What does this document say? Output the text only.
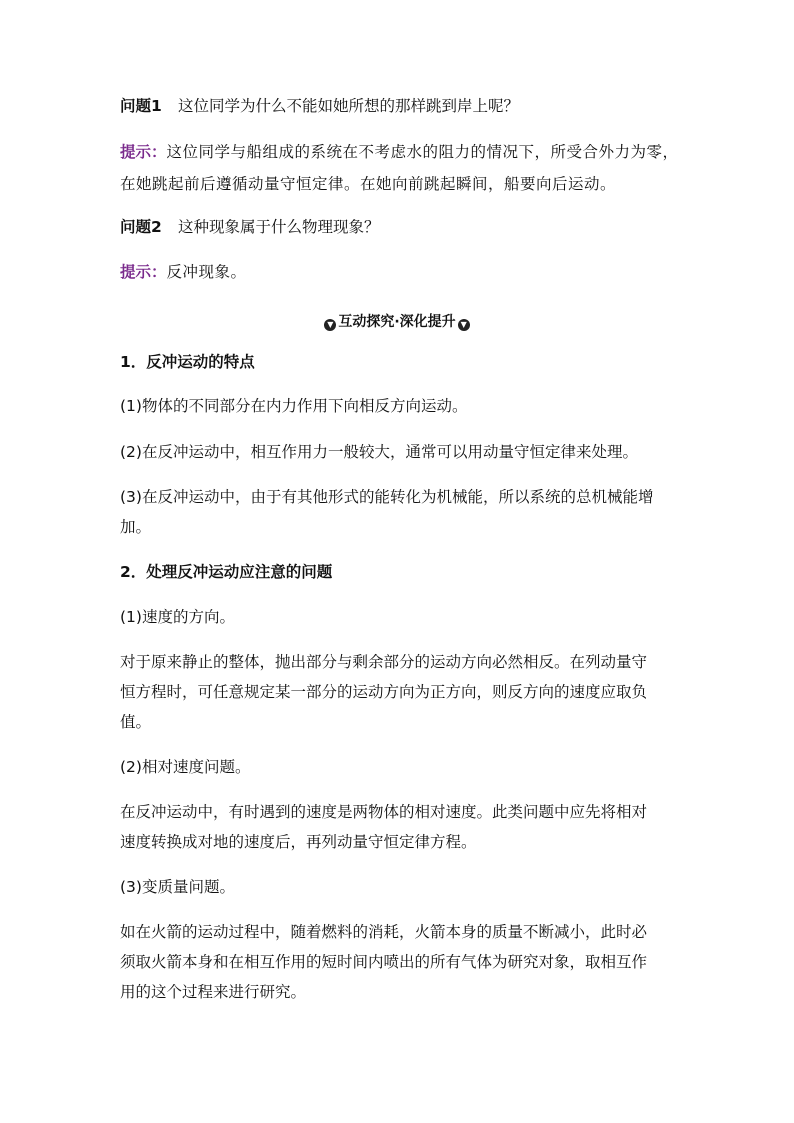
问题1 这位同学为什么不能如她所想的那样跳到岸上呢？
提示：这位同学与船组成的系统在不考虑水的阻力的情况下，所受合外力为零，
在她跳起前后遵循动量守恒定律。在她向前跳起瞬间，船要向后运动。
问题2 这种现象属于什么物理现象？
提示：反冲现象。
▼ 互动探究·深化提升 ▼
1．反冲运动的特点
(1)物体的不同部分在内力作用下向相反方向运动。
(2)在反冲运动中，相互作用力一般较大，通常可以用动量守恒定律来处理。
(3)在反冲运动中，由于有其他形式的能转化为机械能，所以系统的总机械能增
加。
2．处理反冲运动应注意的问题
(1)速度的方向。
对于原来静止的整体，抛出部分与剩余部分的运动方向必然相反。在列动量守
恒方程时，可任意规定某一部分的运动方向为正方向，则反方向的速度应取负
值。
(2)相对速度问题。
在反冲运动中，有时遇到的速度是两物体的相对速度。此类问题中应先将相对
速度转换成对地的速度后，再列动量守恒定律方程。
(3)变质量问题。
如在火箭的运动过程中，随着燃料的消耗，火箭本身的质量不断减小，此时必
须取火箭本身和在相互作用的短时间内喷出的所有气体为研究对象，取相互作
用的这个过程来进行研究。
